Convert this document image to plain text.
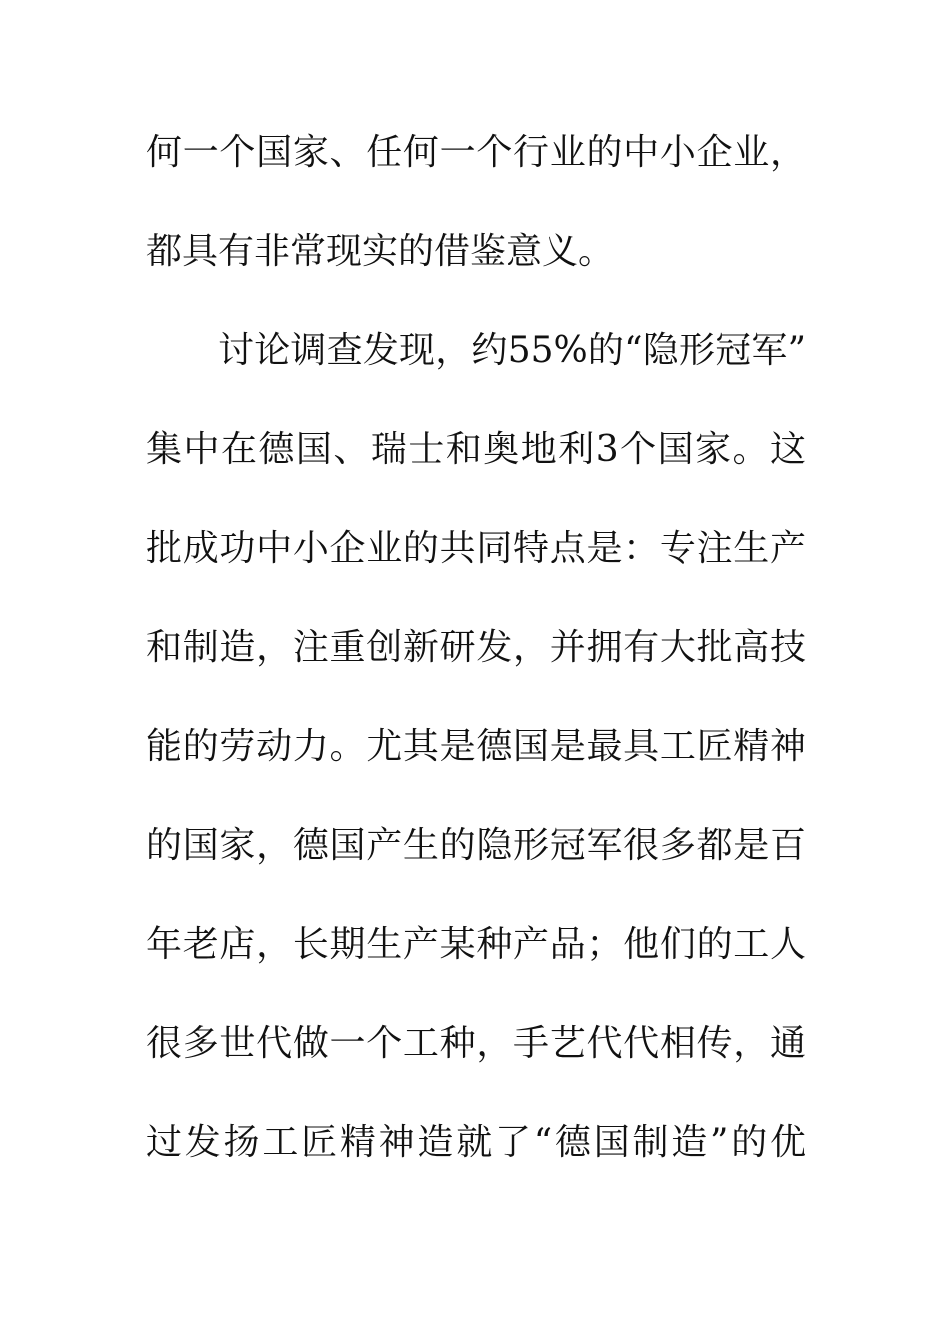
何一个国家、任何一个行业的中小企业，
都具有非常现实的借鉴意义。
讨论调查发现，约55%的“隐形冠军”
集中在德国、瑞士和奥地利3个国家。这
批成功中小企业的共同特点是：专注生产
和制造，注重创新研发，并拥有大批高技
能的劳动力。尤其是德国是最具工匠精神
的国家，德国产生的隐形冠军很多都是百
年老店，长期生产某种产品；他们的工人
很多世代做一个工种，手艺代代相传，通
过发扬工匠精神造就了“德国制造”的优
